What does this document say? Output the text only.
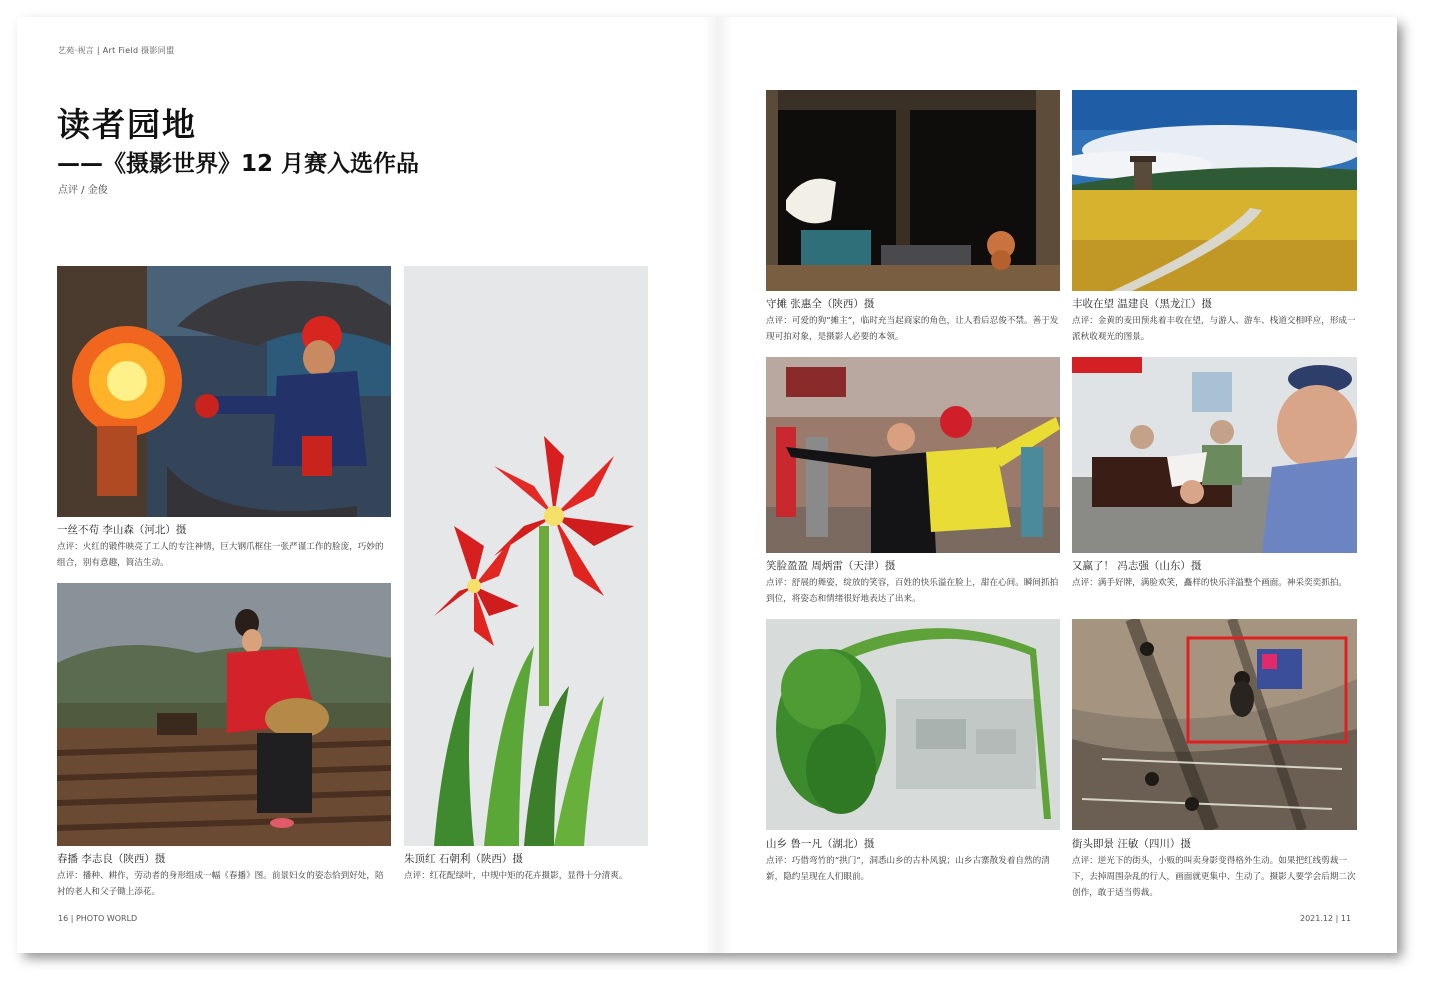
艺苑·视言 | Art Field 摄影同盟
读者园地
——《摄影世界》12 月赛入选作品
点评 / 金俊
一丝不苟 李山森（河北）摄
点评：火红的锻件映亮了工人的专注神情，巨大钢爪框住一张严谨工作的脸庞，巧妙的组合，别有意趣，简洁生动。
春播 李志良（陕西）摄
点评：播种、耕作，劳动者的身形组成一幅《春播》图。前景妇女的姿态恰到好处，陪衬的老人和父子锄上添花。
朱顶红 石朝利（陕西）摄
点评：红花配绿叶，中规中矩的花卉摄影，显得十分清爽。
守摊 张惠全（陕西）摄
点评：可爱的狗“摊主”，临时充当起商家的角色，让人看后忍俊不禁。善于发现可拍对象，是摄影人必要的本领。
丰收在望 温建良（黑龙江）摄
点评：金黄的麦田预兆着丰收在望，与游人、游车、栈道交相呼应，形成一派秋收观光的图景。
笑脸盈盈 周炳雷（天津）摄
点评：舒展的舞姿，绽放的笑容，百姓的快乐溢在脸上，甜在心间。瞬间抓拍到位，将姿态和情绪很好地表达了出来。
又赢了！ 冯志强（山东）摄
点评：满手好牌，满脸欢笑，矗样的快乐洋溢整个画面。神采奕奕抓拍。
山乡 鲁一凡（湖北）摄
点评：巧借弯竹的“拱门”，洞悉山乡的古朴风貌；山乡古寨散发着自然的清新，隐约呈现在人们眼前。
街头即景 汪敏（四川）摄
点评：逆光下的街头，小贩的叫卖身影变得格外生动。如果把红线剪裁一下，去掉周围杂乱的行人，画面就更集中、生动了。摄影人要学会后期二次创作，敢于适当剪裁。
16 | PHOTO WORLD	2021.12 | 11
